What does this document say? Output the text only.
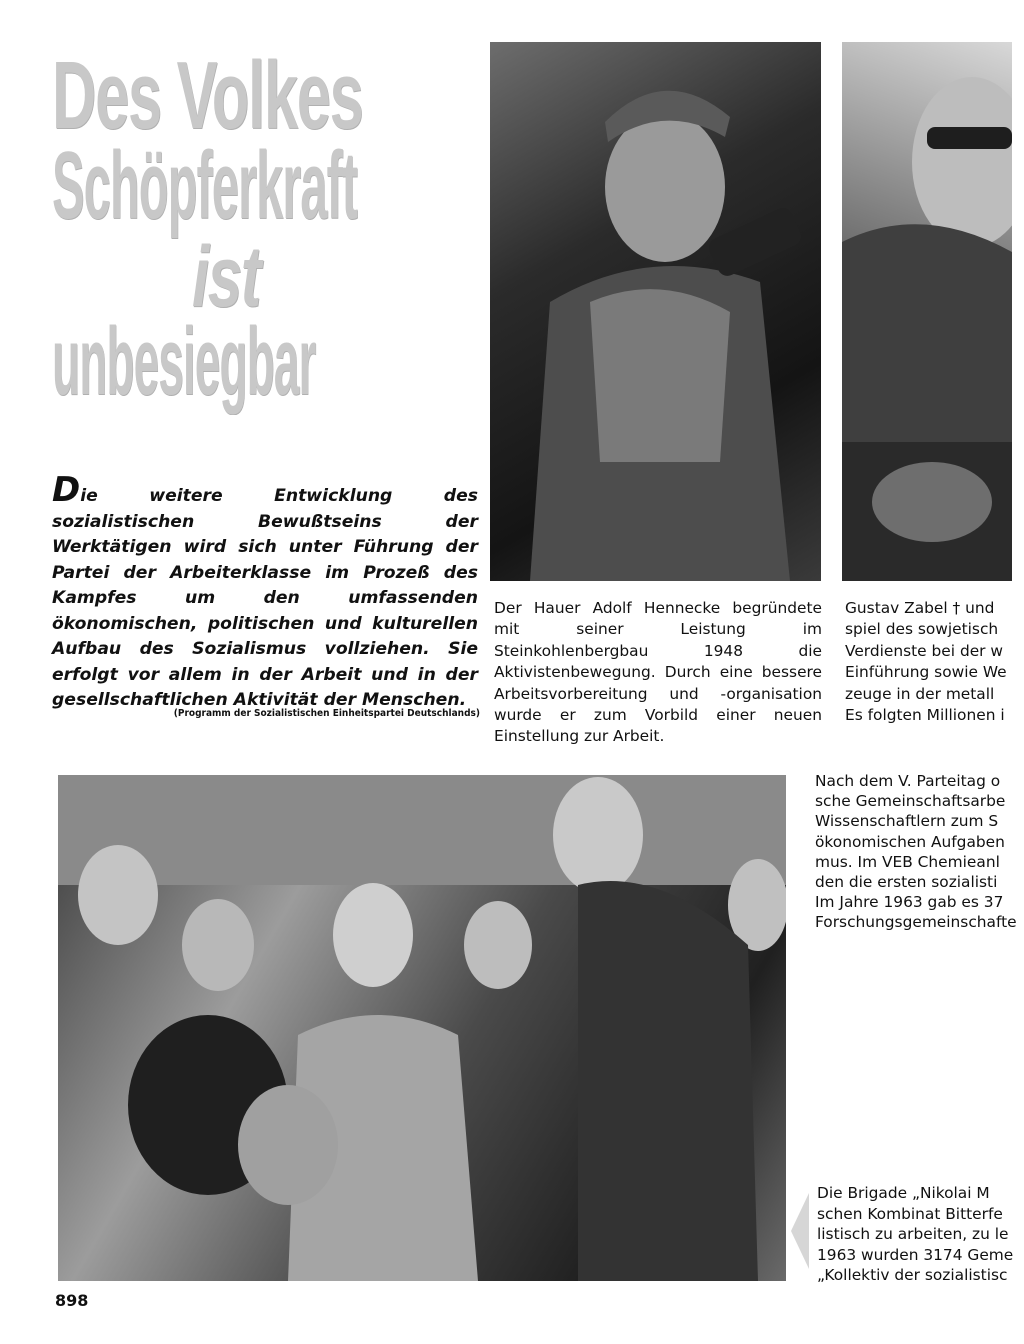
Des Volkes
Schöpferkraft
ist
unbesiegbar
Die weitere Entwicklung des sozialistischen Bewußtseins der Werktätigen wird sich unter Führung der Partei der Arbeiterklasse im Prozeß des Kampfes um den umfassenden ökonomischen, politischen und kulturellen Aufbau des Sozialismus vollziehen. Sie erfolgt vor allem in der Arbeit und in der gesellschaftlichen Aktivität der Menschen.
(Programm der Sozialistischen Einheitspartei Deutschlands)
Der Hauer Adolf Hennecke begründete mit seiner Leistung im Steinkohlenbergbau 1948 die Aktivistenbewegung. Durch eine bessere Arbeitsvorbereitung und -organisation wurde er zum Vorbild einer neuen Einstellung zur Arbeit.
Gustav Zabel † und
spiel des sowjetisch
Verdienste bei der w
Einführung sowie We
zeuge in der metall
Es folgten Millionen i
Nach dem V. Parteitag o
sche Gemeinschaftsarbe
Wissenschaftlern zum S
ökonomischen Aufgaben
mus. Im VEB Chemieanl
den die ersten sozialisti
Im Jahre 1963 gab es 37
Forschungsgemeinschafte
Die Brigade „Nikolai M
schen Kombinat Bitterfe
listisch zu arbeiten, zu le
1963 wurden 3174 Geme
„Kollektiv der sozialistisc
898
